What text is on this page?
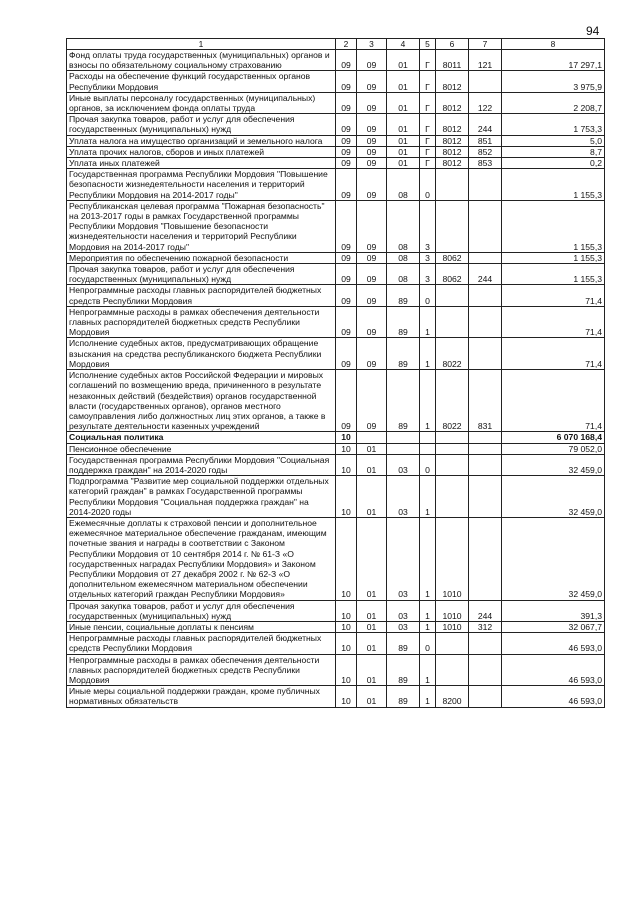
94
1	2	3	4	5	6	7	8
Фонд оплаты труда государственных (муниципальных) органов и взносы по обязательному социальному страхованию	09	09	01	Г	8011	121	17 297,1
Расходы на обеспечение функций государственных органов Республики Мордовия	09	09	01	Г	8012		3 975,9
Иные выплаты персоналу государственных (муниципальных) органов, за исключением фонда оплаты труда	09	09	01	Г	8012	122	2 208,7
Прочая закупка товаров, работ и услуг для обеспечения государственных (муниципальных) нужд	09	09	01	Г	8012	244	1 753,3
Уплата налога на имущество организаций и земельного налога	09	09	01	Г	8012	851	5,0
Уплата прочих налогов, сборов и иных платежей	09	09	01	Г	8012	852	8,7
Уплата иных платежей	09	09	01	Г	8012	853	0,2
Государственная программа Республики Мордовия "Повышение безопасности жизнедеятельности населения и территорий Республики Мордовия на 2014-2017 годы"	09	09	08	0			1 155,3
Республиканская целевая программа "Пожарная безопасность" на 2013-2017 годы в рамках Государственной программы Республики Мордовия "Повышение безопасности жизнедеятельности населения и территорий Республики Мордовия на 2014-2017 годы"	09	09	08	3			1 155,3
Мероприятия по обеспечению пожарной безопасности	09	09	08	3	8062		1 155,3
Прочая закупка товаров, работ и услуг для обеспечения государственных (муниципальных) нужд	09	09	08	3	8062	244	1 155,3
Непрограммные расходы главных распорядителей бюджетных средств Республики Мордовия	09	09	89	0			71,4
Непрограммные расходы в рамках обеспечения деятельности главных распорядителей бюджетных средств Республики Мордовия	09	09	89	1			71,4
Исполнение судебных актов, предусматривающих обращение взыскания на средства республиканского бюджета Республики Мордовия	09	09	89	1	8022		71,4
Исполнение судебных актов Российской Федерации и мировых соглашений по возмещению вреда, причиненного в результате незаконных действий (бездействия) органов государственной власти (государственных органов), органов местного самоуправления либо должностных лиц этих органов, а также в результате деятельности казенных учреждений	09	09	89	1	8022	831	71,4
Социальная политика	10						6 070 168,4
Пенсионное обеспечение	10	01					79 052,0
Государственная программа Республики Мордовия "Социальная поддержка граждан" на 2014-2020 годы	10	01	03	0			32 459,0
Подпрограмма "Развитие мер социальной поддержки отдельных категорий граждан" в рамках Государственной программы Республики Мордовия "Социальная поддержка граждан" на 2014-2020 годы	10	01	03	1			32 459,0
Ежемесячные доплаты к страховой пенсии и дополнительное ежемесячное материальное обеспечение гражданам, имеющим почетные звания и награды в соответствии с Законом Республики Мордовия от 10 сентября 2014 г. № 61-З «О государственных наградах Республики Мордовия» и Законом Республики Мордовия от 27 декабря 2002 г. № 62-З «О дополнительном ежемесячном материальном обеспечении отдельных категорий граждан Республики Мордовия»	10	01	03	1	1010		32 459,0
Прочая закупка товаров, работ и услуг для обеспечения государственных (муниципальных) нужд	10	01	03	1	1010	244	391,3
Иные пенсии, социальные доплаты к пенсиям	10	01	03	1	1010	312	32 067,7
Непрограммные расходы главных распорядителей бюджетных средств Республики Мордовия	10	01	89	0			46 593,0
Непрограммные расходы в рамках обеспечения деятельности главных распорядителей бюджетных средств Республики Мордовия	10	01	89	1			46 593,0
Иные меры социальной поддержки граждан, кроме публичных нормативных обязательств	10	01	89	1	8200		46 593,0
